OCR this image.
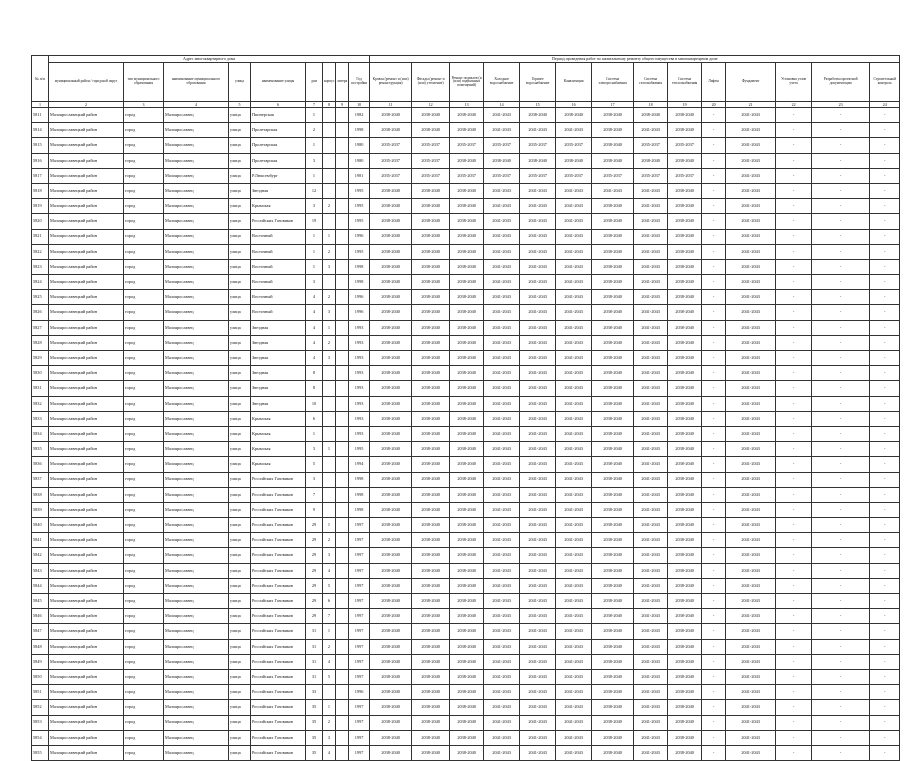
№ п/п	Адрес многоквартирного дома									Период проведения работ по капитальному ремонту общего имущества в многоквартирном доме													
	муниципальный район / городской округ	тип муниципального образования	наименование муниципального образования	улица	наименование улицы	дом	корпус	литера	Год постройки	Кровля (ремонт и (или) реконструкция)	Фасады (ремонт и (или) утепление)	Ремонт подвалов (и (или) подвальных помещений)	Холодное водоснабжение	Горячее водоснабжение	Канализация	Система электроснабжения	Система газоснабжения	Система теплоснабжения	Лифты	Фундамент	Установка узлов учета	Разработка проектной документации	Строительный контроль
1	2	3	4	5	6	7	8	9	10	11	12	13	14	15	16	17	18	19	20	21	22	23	24
5811	Малоярославецкий район	город	Малоярославец	улица	Пионерская	1			1982	2038-2040	2038-2040	2038-2040	2041-2043	2038-2040	2038-2040	2038-2040	2038-2040	2038-2040	-	2041-2043	-	-	-
5814	Малоярославецкий район	город	Малоярославец	улица	Пролетарская	2			1998	2038-2040	2038-2040	2038-2040	2041-2043	2041-2043	2041-2043	2038-2040	2041-2043	2038-2040	-	2041-2043	-	-	-
5815	Малоярославецкий район	город	Малоярославец	улица	Пролетарская	1			1980	2035-2037	2035-2037	2035-2037	2035-2037	2035-2037	2035-2037	2038-2040	2035-2037	2035-2037	-	2041-2043	-	-	-
5816	Малоярославецкий район	город	Малоярославец	улица	Пролетарская	3			1980	2035-2037	2035-2037	2038-2040	2038-2040	2038-2040	2038-2040	2038-2040	2038-2040	2038-2040	-	2041-2043	-	-	-
5817	Малоярославецкий район	город	Малоярославец	улица	Р.Люксембург	1			1981	2035-2037	2035-2037	2035-2037	2035-2037	2035-2037	2035-2037	2035-2037	2035-2037	2035-2037	-	2041-2043	-	-	-
5818	Малоярославецкий район	город	Малоярославец	улица	Звездная	12			1995	2038-2040	2038-2040	2038-2040	2041-2043	2041-2043	2041-2043	2041-2043	2041-2043	2038-2040	-	2041-2043	-	-	-
5819	Малоярославецкий район	город	Малоярославец	улица	Крымская	3	2		1995	2038-2040	2038-2040	2038-2040	2041-2043	2041-2043	2041-2043	2038-2040	2041-2043	2038-2040	-	2041-2043	-	-	-
5820	Малоярославецкий район	город	Малоярославец	улица	Российских Газовиков	19			1995	2038-2040	2038-2040	2038-2040	2041-2043	2041-2043	2041-2043	2038-2040	2041-2043	2038-2040	-	2041-2043	-	-	-
5821	Малоярославецкий район	город	Малоярославец	улица	Восточный	1	1		1996	2038-2040	2038-2040	2038-2040	2041-2043	2041-2043	2041-2043	2038-2040	2041-2043	2038-2040	-	2041-2043	-	-	-
5822	Малоярославецкий район	город	Малоярославец	улица	Восточный	1	2		1995	2038-2040	2038-2040	2038-2040	2041-2043	2041-2043	2041-2043	2038-2040	2041-2043	2038-2040	-	2041-2043	-	-	-
5823	Малоярославецкий район	город	Малоярославец	улица	Восточный	1	3		1998	2038-2040	2038-2040	2038-2040	2041-2043	2041-2043	2041-2043	2038-2040	2041-2043	2038-2040	-	2041-2043	-	-	-
5824	Малоярославецкий район	город	Малоярославец	улица	Восточный	3			1998	2038-2040	2038-2040	2038-2040	2041-2043	2041-2043	2041-2043	2038-2040	2041-2043	2038-2040	-	2041-2043	-	-	-
5825	Малоярославецкий район	город	Малоярославец	улица	Восточный	4	2		1996	2038-2040	2038-2040	2038-2040	2041-2043	2041-2043	2041-2043	2038-2040	2041-2043	2038-2040	-	2041-2043	-	-	-
5826	Малоярославецкий район	город	Малоярославец	улица	Восточный	4	3		1996	2038-2040	2038-2040	2038-2040	2041-2043	2041-2043	2041-2043	2038-2040	2041-2043	2038-2040	-	2041-2043	-	-	-
5827	Малоярославецкий район	город	Малоярославец	улица	Звездная	4	1		1993	2038-2040	2038-2040	2038-2040	2041-2043	2041-2043	2041-2043	2038-2040	2041-2043	2038-2040	-	2041-2043	-	-	-
5828	Малоярославецкий район	город	Малоярославец	улица	Звездная	4	2		1993	2038-2040	2038-2040	2038-2040	2041-2043	2041-2043	2041-2043	2038-2040	2041-2043	2038-2040	-	2041-2043	-	-	-
5829	Малоярославецкий район	город	Малоярославец	улица	Звездная	4	3		1993	2038-2040	2038-2040	2038-2040	2041-2043	2041-2043	2041-2043	2038-2040	2041-2043	2038-2040	-	2041-2043	-	-	-
5830	Малоярославецкий район	город	Малоярославец	улица	Звездная	8			1993	2038-2040	2038-2040	2038-2040	2041-2043	2041-2043	2041-2043	2038-2040	2041-2043	2038-2040	-	2041-2043	-	-	-
5831	Малоярославецкий район	город	Малоярославец	улица	Звездная	8			1993	2038-2040	2038-2040	2038-2040	2041-2043	2041-2043	2041-2043	2038-2040	2041-2043	2038-2040	-	2041-2043	-	-	-
5832	Малоярославецкий район	город	Малоярославец	улица	Звездная	10			1993	2038-2040	2038-2040	2038-2040	2041-2043	2041-2043	2041-2043	2038-2040	2041-2043	2038-2040	-	2041-2043	-	-	-
5833	Малоярославецкий район	город	Малоярославец	улица	Крымская	6			1993	2038-2040	2038-2040	2038-2040	2041-2043	2041-2043	2041-2043	2038-2040	2041-2043	2038-2040	-	2041-2043	-	-	-
5834	Малоярославецкий район	город	Малоярославец	улица	Крымская	1			1993	2038-2040	2038-2040	2038-2040	2041-2043	2041-2043	2041-2043	2038-2040	2041-2043	2038-2040	-	2041-2043	-	-	-
5835	Малоярославецкий район	город	Малоярославец	улица	Крымская	3	1		1995	2038-2040	2038-2040	2038-2040	2041-2043	2041-2043	2041-2043	2038-2040	2041-2043	2038-2040	-	2041-2043	-	-	-
5836	Малоярославецкий район	город	Малоярославец	улица	Крымская	5			1994	2038-2040	2038-2040	2038-2040	2041-2043	2041-2043	2041-2043	2038-2040	2041-2043	2038-2040	-	2041-2043	-	-	-
5837	Малоярославецкий район	город	Малоярославец	улица	Российских Газовиков	3			1998	2038-2040	2038-2040	2038-2040	2041-2043	2041-2043	2041-2043	2038-2040	2041-2043	2038-2040	-	2041-2043	-	-	-
5838	Малоярославецкий район	город	Малоярославец	улица	Российских Газовиков	7			1998	2038-2040	2038-2040	2038-2040	2041-2043	2041-2043	2041-2043	2038-2040	2041-2043	2038-2040	-	2041-2043	-	-	-
5839	Малоярославецкий район	город	Малоярославец	улица	Российских Газовиков	9			1998	2038-2040	2038-2040	2038-2040	2041-2043	2041-2043	2041-2043	2038-2040	2041-2043	2038-2040	-	2041-2043	-	-	-
5840	Малоярославецкий район	город	Малоярославец	улица	Российских Газовиков	29	1		1997	2038-2040	2038-2040	2038-2040	2041-2043	2041-2043	2041-2043	2038-2040	2041-2043	2038-2040	-	2041-2043	-	-	-
5841	Малоярославецкий район	город	Малоярославец	улица	Российских Газовиков	29	2		1997	2038-2040	2038-2040	2038-2040	2041-2043	2041-2043	2041-2043	2038-2040	2041-2043	2038-2040	-	2041-2043	-	-	-
5842	Малоярославецкий район	город	Малоярославец	улица	Российских Газовиков	29	3		1997	2038-2040	2038-2040	2038-2040	2041-2043	2041-2043	2041-2043	2038-2040	2041-2043	2038-2040	-	2041-2043	-	-	-
5843	Малоярославецкий район	город	Малоярославец	улица	Российских Газовиков	29	4		1997	2038-2040	2038-2040	2038-2040	2041-2043	2041-2043	2041-2043	2038-2040	2041-2043	2038-2040	-	2041-2043	-	-	-
5844	Малоярославецкий район	город	Малоярославец	улица	Российских Газовиков	29	5		1997	2038-2040	2038-2040	2038-2040	2041-2043	2041-2043	2041-2043	2038-2040	2041-2043	2038-2040	-	2041-2043	-	-	-
5845	Малоярославецкий район	город	Малоярославец	улица	Российских Газовиков	29	6		1997	2038-2040	2038-2040	2038-2040	2041-2043	2041-2043	2041-2043	2038-2040	2041-2043	2038-2040	-	2041-2043	-	-	-
5846	Малоярославецкий район	город	Малоярославец	улица	Российских Газовиков	29	7		1997	2038-2040	2038-2040	2038-2040	2041-2043	2041-2043	2041-2043	2038-2040	2041-2043	2038-2040	-	2041-2043	-	-	-
5847	Малоярославецкий район	город	Малоярославец	улица	Российских Газовиков	31	1		1997	2038-2040	2038-2040	2038-2040	2041-2043	2041-2043	2041-2043	2038-2040	2041-2043	2038-2040	-	2041-2043	-	-	-
5848	Малоярославецкий район	город	Малоярославец	улица	Российских Газовиков	31	2		1997	2038-2040	2038-2040	2038-2040	2041-2043	2041-2043	2041-2043	2038-2040	2041-2043	2038-2040	-	2041-2043	-	-	-
5849	Малоярославецкий район	город	Малоярославец	улица	Российских Газовиков	31	4		1997	2038-2040	2038-2040	2038-2040	2041-2043	2041-2043	2041-2043	2038-2040	2041-2043	2038-2040	-	2041-2043	-	-	-
5850	Малоярославецкий район	город	Малоярославец	улица	Российских Газовиков	31	5		1997	2038-2040	2038-2040	2038-2040	2041-2043	2041-2043	2041-2043	2038-2040	2041-2043	2038-2040	-	2041-2043	-	-	-
5851	Малоярославецкий район	город	Малоярославец	улица	Российских Газовиков	33			1996	2038-2040	2038-2040	2038-2040	2041-2043	2041-2043	2041-2043	2038-2040	2041-2043	2038-2040	-	2041-2043	-	-	-
5852	Малоярославецкий район	город	Малоярославец	улица	Российских Газовиков	35	1		1997	2038-2040	2038-2040	2038-2040	2041-2043	2041-2043	2041-2043	2038-2040	2041-2043	2038-2040	-	2041-2043	-	-	-
5853	Малоярославецкий район	город	Малоярославец	улица	Российских Газовиков	35	2		1997	2038-2040	2038-2040	2038-2040	2041-2043	2041-2043	2041-2043	2038-2040	2041-2043	2038-2040	-	2041-2043	-	-	-
5854	Малоярославецкий район	город	Малоярославец	улица	Российских Газовиков	35	3		1997	2038-2040	2038-2040	2038-2040	2041-2043	2041-2043	2041-2043	2038-2040	2041-2043	2038-2040	-	2041-2043	-	-	-
5855	Малоярославецкий район	город	Малоярославец	улица	Российских Газовиков	35	4		1997	2038-2040	2038-2040	2038-2040	2041-2043	2041-2043	2041-2043	2038-2040	2041-2043	2038-2040	-	2041-2043	-	-	-
